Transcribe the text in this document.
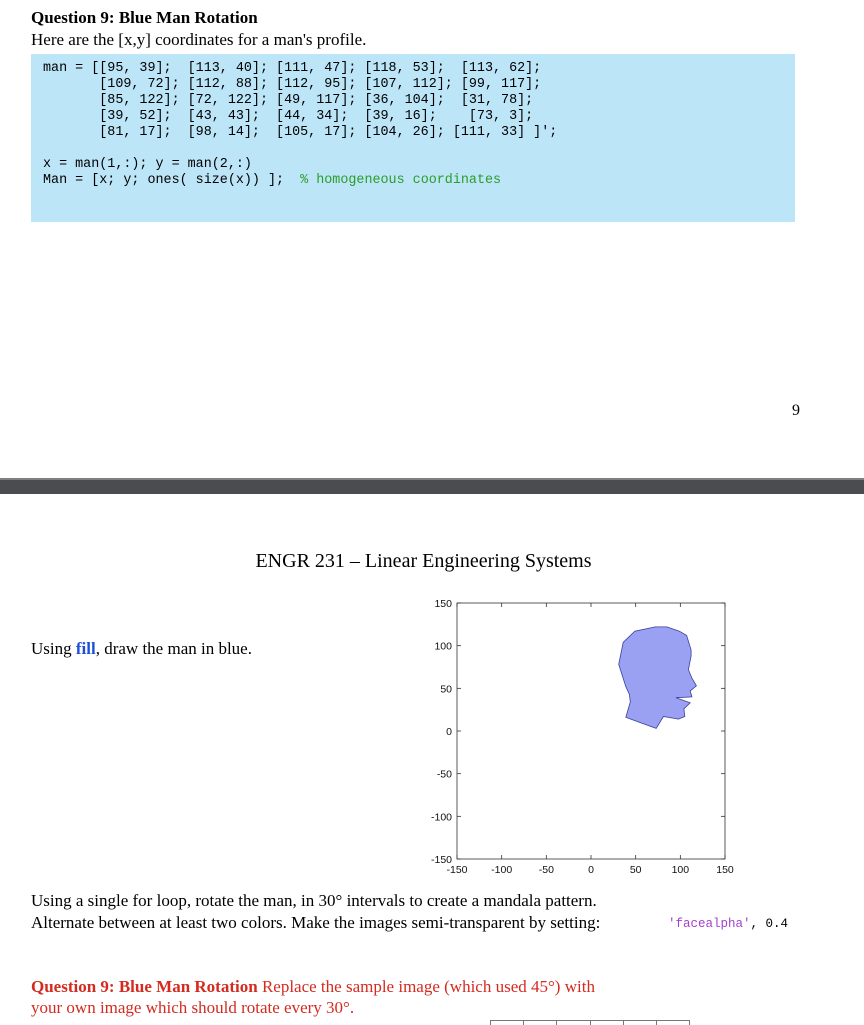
Question 9: Blue Man Rotation
Here are the [x,y] coordinates for a man's profile.
man = [[95, 39];  [113, 40]; [111, 47]; [118, 53];  [113, 62];
[109, 72]; [112, 88]; [112, 95]; [107, 112]; [99, 117];
[85, 122]; [72, 122]; [49, 117]; [36, 104];  [31, 78];
[39, 52];  [43, 43];  [44, 34];  [39, 16];    [73, 3];
[81, 17];  [98, 14];  [105, 17]; [104, 26]; [111, 33] ]';

x = man(1,:); y = man(2,:)
Man = [x; y; ones( size(x)) ];  % homogeneous coordinates
9
ENGR 231 – Linear Engineering Systems
Using fill, draw the man in blue.
150
100
50
0
-50
-100
-150
-150 -100	-50	0	50	100	150
Using a single for loop, rotate the man, in 30° intervals to create a mandala pattern.
Alternate between at least two colors. Make the images semi-transparent by setting:	'facealpha', 0.4
Question 9: Blue Man Rotation Replace the sample image (which used 45°) with
your own image which should rotate every 30°.
